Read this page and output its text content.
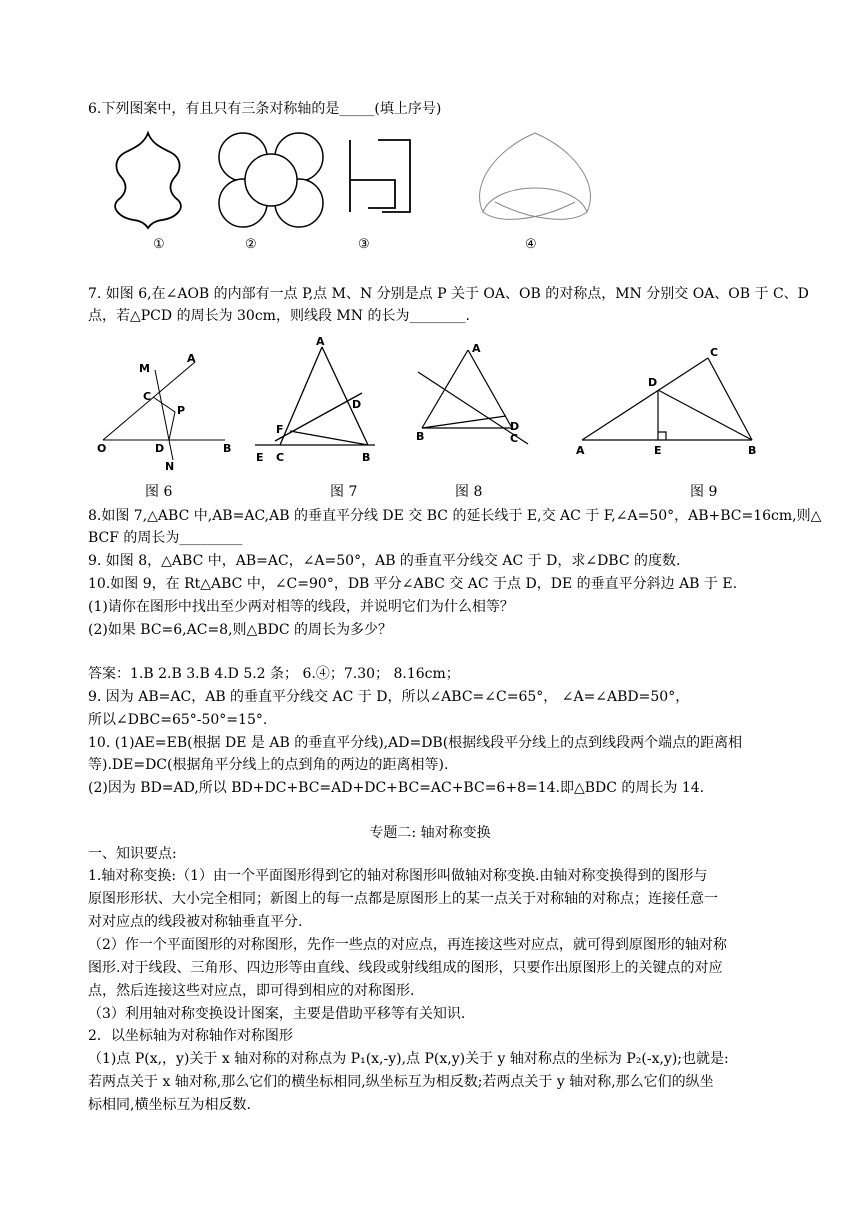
6.下列图案中，有且只有三条对称轴的是_____(填上序号)
①	②	③	④
7. 如图 6,在∠AOB 的内部有一点 P,点 M、N 分别是点 P 关于 OA、OB 的对称点，MN 分别交 OA、OB 于 C、D
点，若△PCD 的周长为 30cm，则线段 MN 的长为________.
M
A
C
P
O	D	B
N
A
D
F
E C	B
A
D
B	C
C
D
A	E	B
图 6	图 7	图 8	图 9
8.如图 7,△ABC 中,AB=AC,AB 的垂直平分线 DE 交 BC 的延长线于 E,交 AC 于 F,∠A=50°，AB+BC=16cm,则△
BCF 的周长为_________
9. 如图 8，△ABC 中，AB=AC，∠A=50°，AB 的垂直平分线交 AC 于 D，求∠DBC 的度数.
10.如图 9，在 Rt△ABC 中，∠C=90°，DB 平分∠ABC 交 AC 于点 D，DE 的垂直平分斜边 AB 于 E.
(1)请你在图形中找出至少两对相等的线段，并说明它们为什么相等？
(2)如果 BC=6,AC=8,则△BDC 的周长为多少？
答案：1.B 2.B 3.B 4.D 5.2 条； 6.④；7.30； 8.16cm；
9. 因为 AB=AC，AB 的垂直平分线交 AC 于 D，所以∠ABC=∠C=65°， ∠A=∠ABD=50°，
所以∠DBC=65°-50°=15°.
10. (1)AE=EB(根据 DE 是 AB 的垂直平分线),AD=DB(根据线段平分线上的点到线段两个端点的距离相
等).DE=DC(根据角平分线上的点到角的两边的距离相等).
(2)因为 BD=AD,所以 BD+DC+BC=AD+DC+BC=AC+BC=6+8=14.即△BDC 的周长为 14.
专题二: 轴对称变换
一、知识要点:
1.轴对称变换:（1）由一个平面图形得到它的轴对称图形叫做轴对称变换.由轴对称变换得到的图形与
原图形形状、大小完全相同；新图上的每一点都是原图形上的某一点关于对称轴的对称点；连接任意一
对对应点的线段被对称轴垂直平分.
（2）作一个平面图形的对称图形，先作一些点的对应点，再连接这些对应点，就可得到原图形的轴对称
图形.对于线段、三角形、四边形等由直线、线段或射线组成的图形，只要作出原图形上的关键点的对应
点，然后连接这些对应点，即可得到相应的对称图形.
（3）利用轴对称变换设计图案，主要是借助平移等有关知识.
2．以坐标轴为对称轴作对称图形
（1)点 P(x,，y)关于 x 轴对称的对称点为 P₁(x,-y),点 P(x,y)关于 y 轴对称点的坐标为 P₂(-x,y);也就是:
若两点关于 x 轴对称,那么它们的横坐标相同,纵坐标互为相反数;若两点关于 y 轴对称,那么它们的纵坐
标相同,横坐标互为相反数.
